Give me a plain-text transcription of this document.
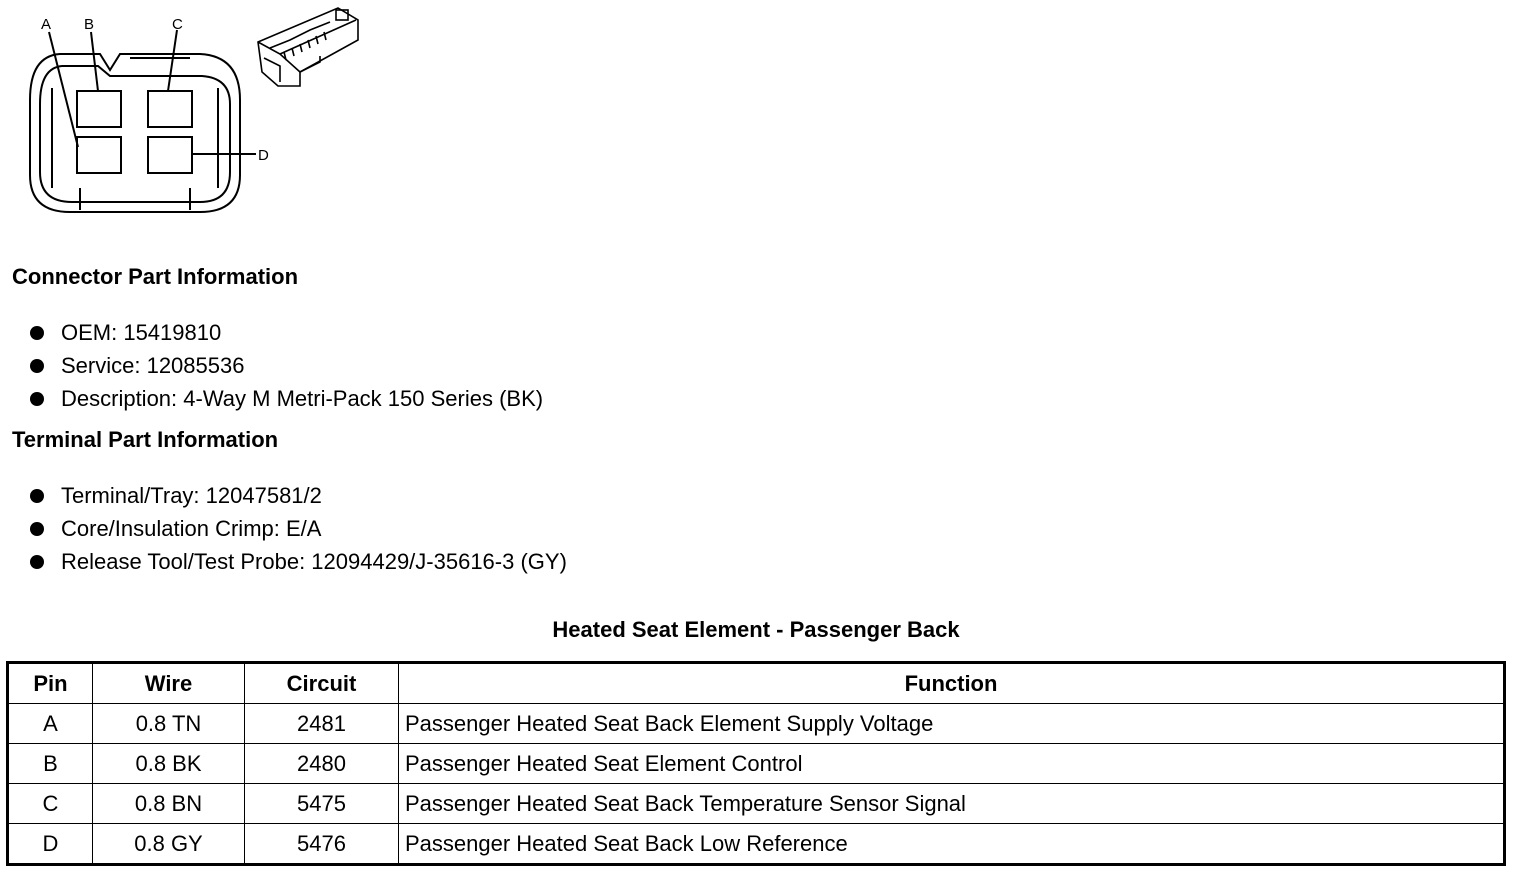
A B	C
D
Connector Part Information
OEM: 15419810
Service: 12085536
Description: 4-Way M Metri-Pack 150 Series (BK)
Terminal Part Information
Terminal/Tray: 12047581/2
Core/Insulation Crimp: E/A
Release Tool/Test Probe: 12094429/J-35616-3 (GY)
Heated Seat Element - Passenger Back
Pin	Wire	Circuit	Function
A	0.8 TN	2481	Passenger Heated Seat Back Element Supply Voltage
B	0.8 BK	2480	Passenger Heated Seat Element Control
C	0.8 BN	5475	Passenger Heated Seat Back Temperature Sensor Signal
D	0.8 GY	5476	Passenger Heated Seat Back Low Reference
